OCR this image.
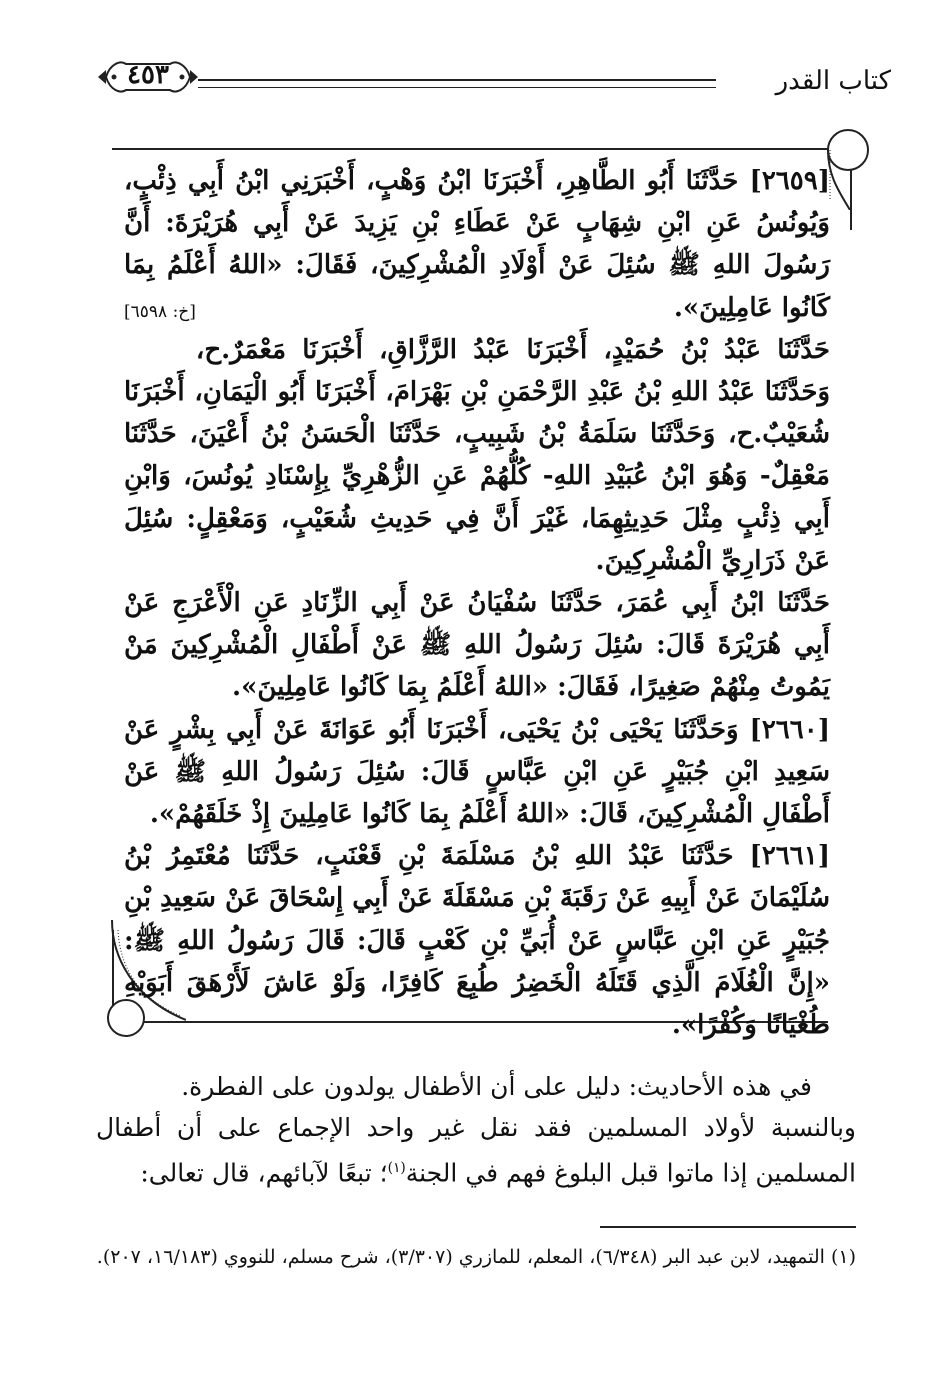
كتاب القدر
٤٥٣

[٢٦٥٩] حَدَّثَنَا أَبُو الطَّاهِرِ، أَخْبَرَنَا ابْنُ وَهْبٍ، أَخْبَرَنِي ابْنُ أَبِي ذِئْبٍ، وَيُونُسُ عَنِ ابْنِ شِهَابٍ عَنْ عَطَاءِ بْنِ يَزِيدَ عَنْ أَبِي هُرَيْرَةَ: أَنَّ رَسُولَ اللهِ ﷺ سُئِلَ عَنْ أَوْلَادِ الْمُشْرِكِينَ، فَقَالَ: «اللهُ أَعْلَمُ بِمَا كَانُوا عَامِلِينَ».
[خ: ٦٥٩٨]

حَدَّثَنَا عَبْدُ بْنُ حُمَيْدٍ، أَخْبَرَنَا عَبْدُ الرَّزَّاقِ، أَخْبَرَنَا مَعْمَرٌ.ح، وَحَدَّثَنَا عَبْدُ اللهِ بْنُ عَبْدِ الرَّحْمَنِ بْنِ بَهْرَامَ، أَخْبَرَنَا أَبُو الْيَمَانِ، أَخْبَرَنَا شُعَيْبٌ.ح، وَحَدَّثَنَا سَلَمَةُ بْنُ شَبِيبٍ، حَدَّثَنَا الْحَسَنُ بْنُ أَعْيَنَ، حَدَّثَنَا مَعْقِلٌ- وَهُوَ ابْنُ عُبَيْدِ اللهِ- كُلُّهُمْ عَنِ الزُّهْرِيِّ بِإِسْنَادِ يُونُسَ، وَابْنِ أَبِي ذِئْبٍ مِثْلَ حَدِيثِهِمَا، غَيْرَ أَنَّ فِي حَدِيثِ شُعَيْبٍ، وَمَعْقِلٍ: سُئِلَ عَنْ ذَرَارِيِّ الْمُشْرِكِينَ.

حَدَّثَنَا ابْنُ أَبِي عُمَرَ، حَدَّثَنَا سُفْيَانُ عَنْ أَبِي الزِّنَادِ عَنِ الْأَعْرَجِ عَنْ أَبِي هُرَيْرَةَ قَالَ: سُئِلَ رَسُولُ اللهِ ﷺ عَنْ أَطْفَالِ الْمُشْرِكِينَ مَنْ يَمُوتُ مِنْهُمْ صَغِيرًا، فَقَالَ: «اللهُ أَعْلَمُ بِمَا كَانُوا عَامِلِينَ».

[٢٦٦٠] وَحَدَّثَنَا يَحْيَى بْنُ يَحْيَى، أَخْبَرَنَا أَبُو عَوَانَةَ عَنْ أَبِي بِشْرٍ عَنْ سَعِيدِ ابْنِ جُبَيْرٍ عَنِ ابْنِ عَبَّاسٍ قَالَ: سُئِلَ رَسُولُ اللهِ ﷺ عَنْ أَطْفَالِ الْمُشْرِكِينَ، قَالَ: «اللهُ أَعْلَمُ بِمَا كَانُوا عَامِلِينَ إِذْ خَلَقَهُمْ».

[٢٦٦١] حَدَّثَنَا عَبْدُ اللهِ بْنُ مَسْلَمَةَ بْنِ قَعْنَبٍ، حَدَّثَنَا مُعْتَمِرُ بْنُ سُلَيْمَانَ عَنْ أَبِيهِ عَنْ رَقَبَةَ بْنِ مَسْقَلَةَ عَنْ أَبِي إِسْحَاقَ عَنْ سَعِيدِ بْنِ جُبَيْرٍ عَنِ ابْنِ عَبَّاسٍ عَنْ أُبَيِّ بْنِ كَعْبٍ قَالَ: قَالَ رَسُولُ اللهِ ﷺ: «إِنَّ الْغُلَامَ الَّذِي قَتَلَهُ الْخَضِرُ طُبِعَ كَافِرًا، وَلَوْ عَاشَ لَأَرْهَقَ أَبَوَيْهِ طُغْيَانًا وَكُفْرًا».

في هذه الأحاديث: دليل على أن الأطفال يولدون على الفطرة.

وبالنسبة لأولاد المسلمين فقد نقل غير واحد الإجماع على أن أطفال المسلمين إذا ماتوا قبل البلوغ فهم في الجنة$^{(١)}$؛ تبعًا لآبائهم، قال تعالى:

(١) التمهيد، لابن عبد البر (٦/٣٤٨)، المعلم، للمازري (٣/٣٠٧)، شرح مسلم، للنووي (١٦/١٨٣، ٢٠٧).
